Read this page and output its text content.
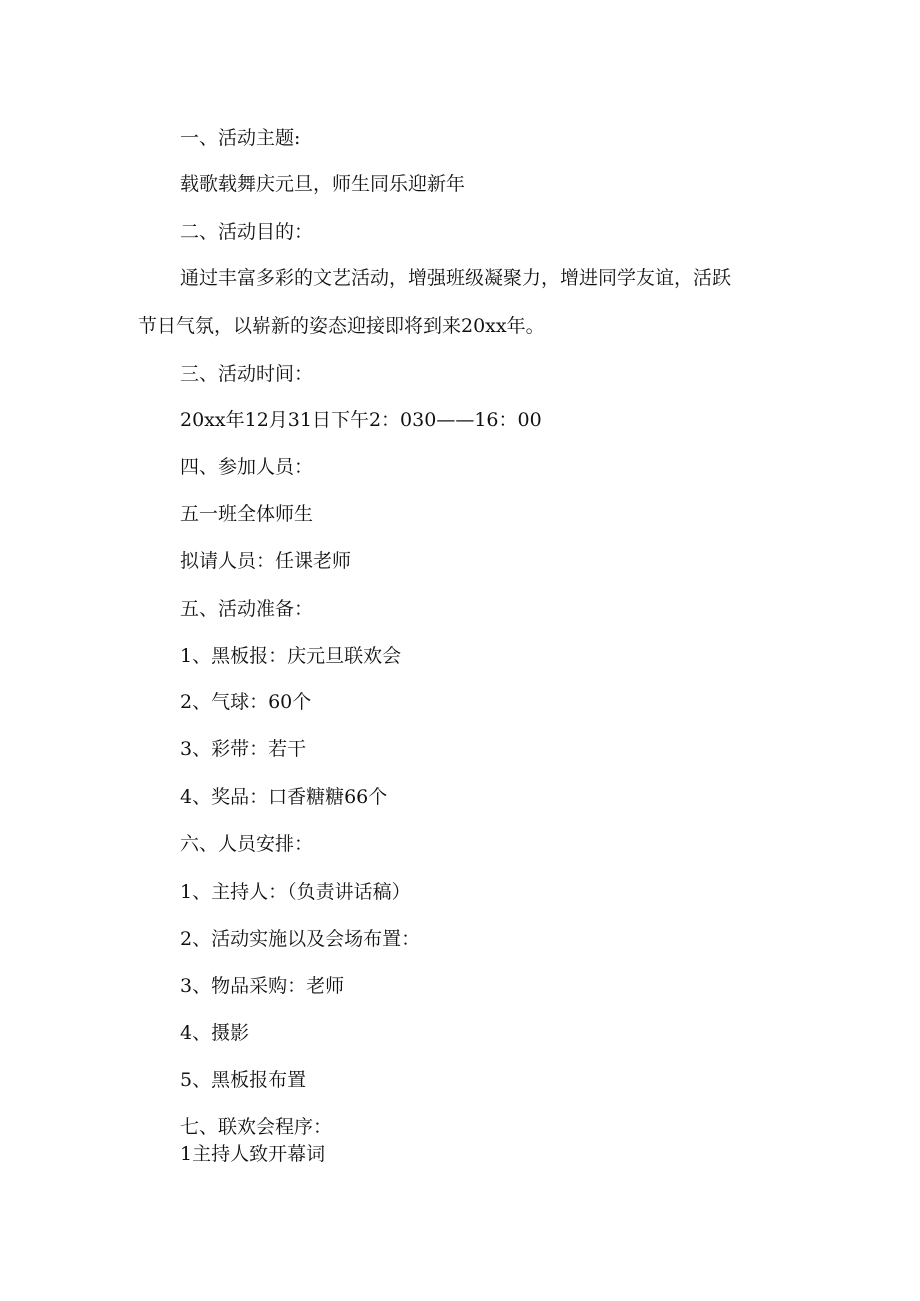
一、活动主题:
载歌载舞庆元旦，师生同乐迎新年
二、活动目的：
通过丰富多彩的文艺活动，增强班级凝聚力，增进同学友谊，活跃
节日气氛，以崭新的姿态迎接即将到来20xx年。
三、活动时间：
20xx年12月31日下午2：030——16：00
四、参加人员：
五一班全体师生
拟请人员：任课老师
五、活动准备：
1、黑板报：庆元旦联欢会
2、气球：60个
3、彩带：若干
4、奖品：口香糖糖66个
六、人员安排：
1、主持人：（负责讲话稿）
2、活动实施以及会场布置：
3、物品采购：老师
4、摄影
5、黑板报布置
七、联欢会程序：
1主持人致开幕词
